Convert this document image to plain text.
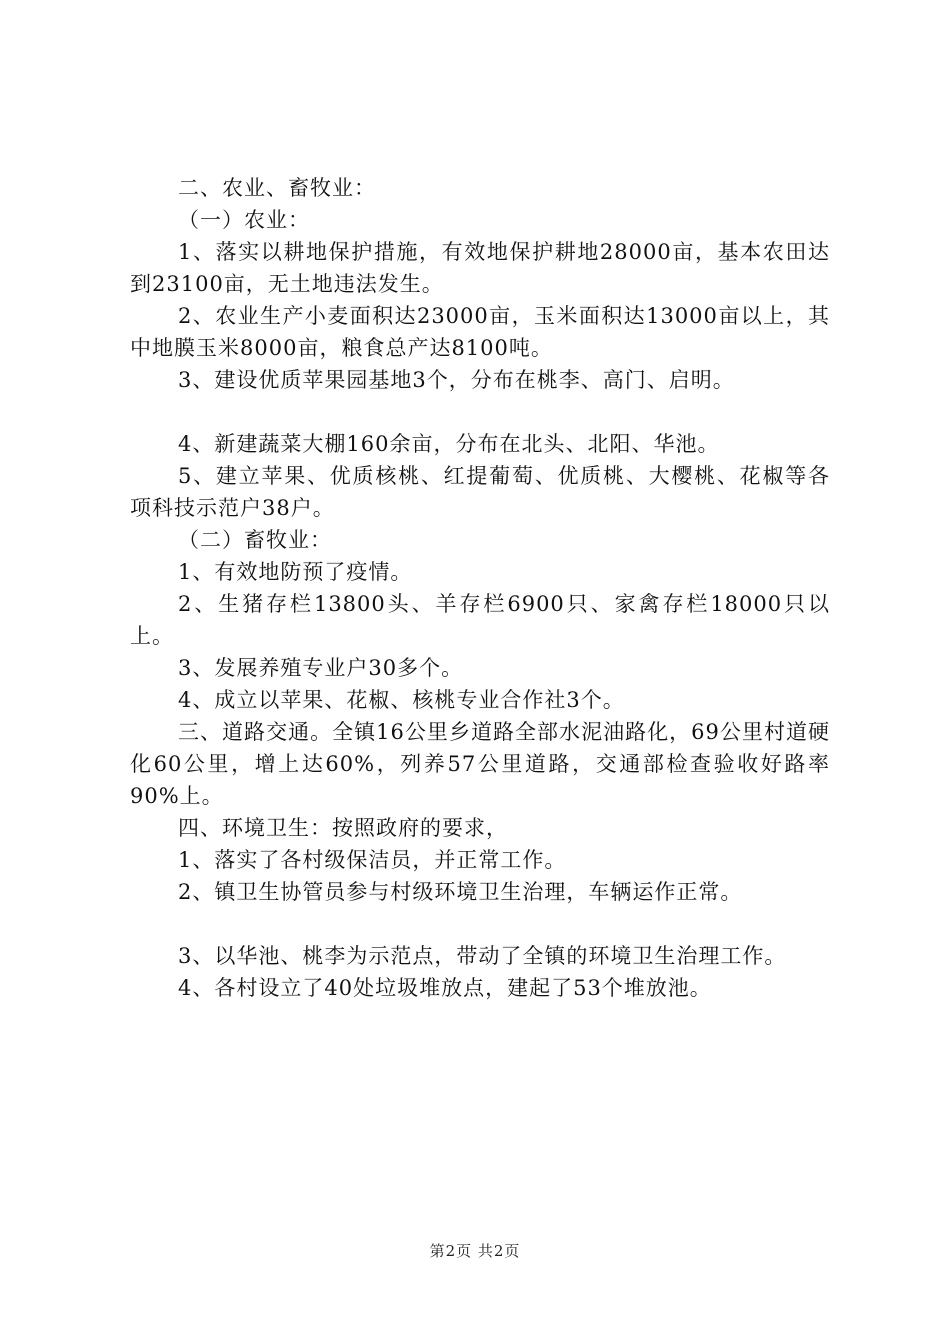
二、农业、畜牧业：

（一）农业：

1、落实以耕地保护措施，有效地保护耕地28000亩，基本农田达到23100亩，无土地违法发生。

2、农业生产小麦面积达23000亩，玉米面积达13000亩以上，其中地膜玉米8000亩，粮食总产达8100吨。

3、建设优质苹果园基地3个，分布在桃李、高门、启明。

4、新建蔬菜大棚160余亩，分布在北头、北阳、华池。

5、建立苹果、优质核桃、红提葡萄、优质桃、大樱桃、花椒等各项科技示范户38户。

（二）畜牧业：

1、有效地防预了疫情。

2、生猪存栏13800头、羊存栏6900只、家禽存栏18000只以上。

3、发展养殖专业户30多个。

4、成立以苹果、花椒、核桃专业合作社3个。

三、道路交通。全镇16公里乡道路全部水泥油路化，69公里村道硬化60公里，增上达60%，列养57公里道路，交通部检查验收好路率90%上。

四、环境卫生：按照政府的要求，

1、落实了各村级保洁员，并正常工作。

2、镇卫生协管员参与村级环境卫生治理，车辆运作正常。

3、以华池、桃李为示范点，带动了全镇的环境卫生治理工作。

4、各村设立了40处垃圾堆放点，建起了53个堆放池。

第2页 共2页
